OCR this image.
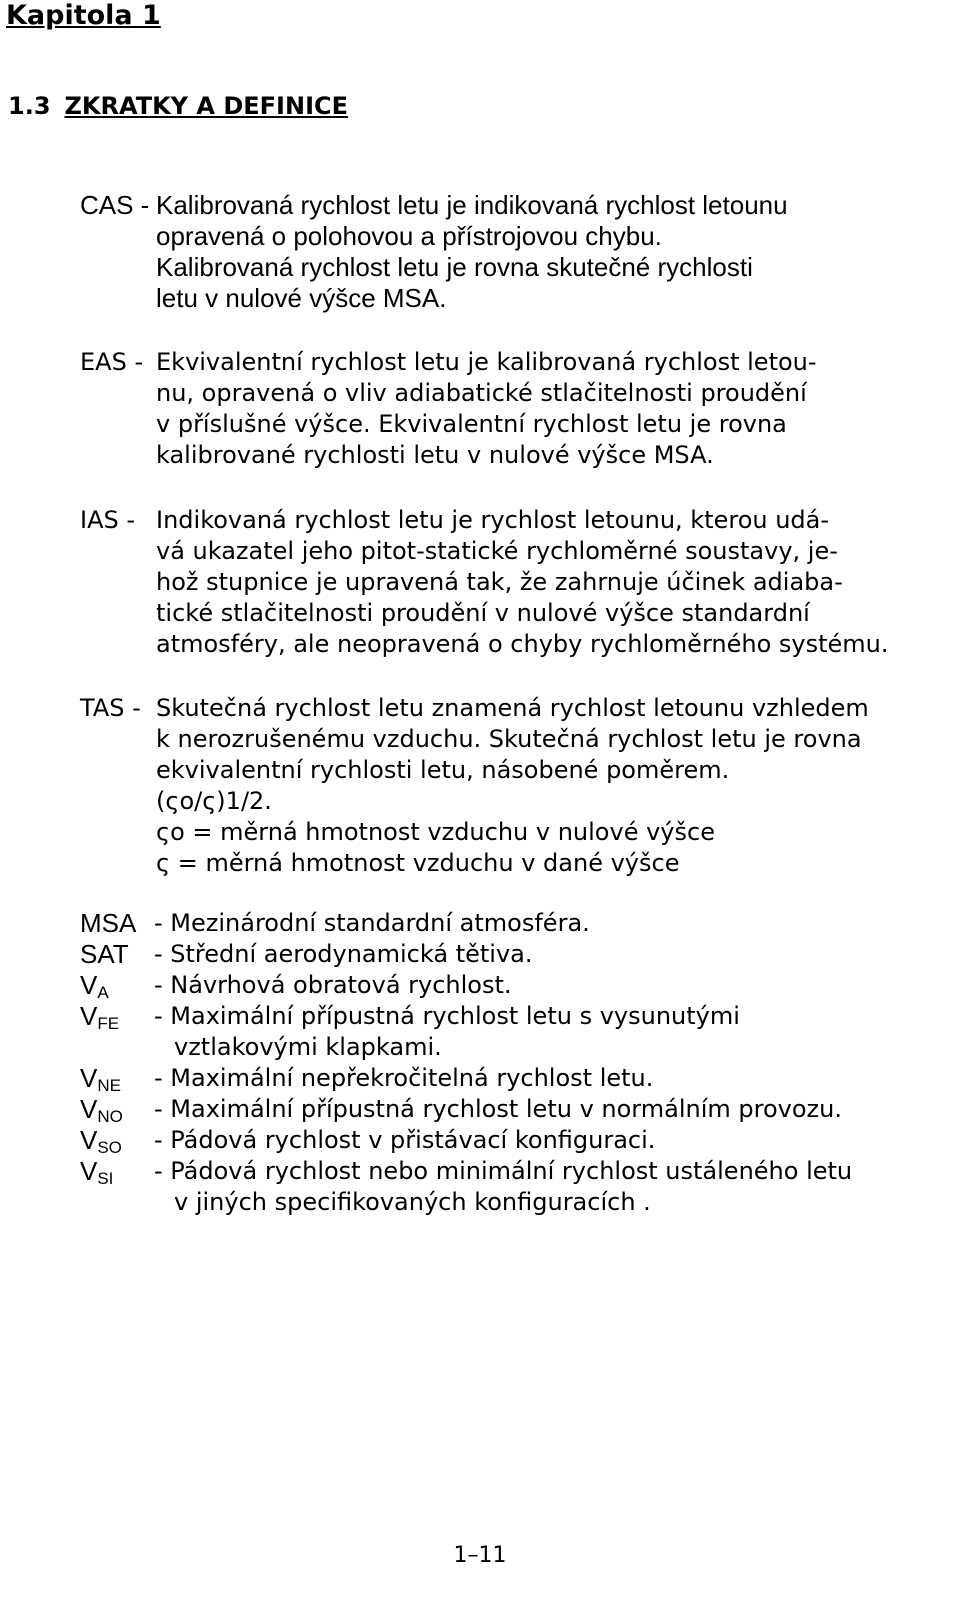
Kapitola 1
1.3 ZKRATKY A DEFINICE
CAS - Kalibrovaná rychlost letu je indikovaná rychlost letounu
opravená o polohovou a přístrojovou chybu.
Kalibrovaná rychlost letu je rovna skutečné rychlosti
letu v nulové výšce MSA.
EAS - Ekvivalentní rychlost letu je kalibrovaná rychlost letou-
nu, opravená o vliv adiabatické stlačitelnosti proudění
v příslušné výšce. Ekvivalentní rychlost letu je rovna
kalibrované rychlosti letu v nulové výšce MSA.
IAS - Indikovaná rychlost letu je rychlost letounu, kterou udá-
vá ukazatel jeho pitot-statické rychloměrné soustavy, je-
hož stupnice je upravená tak, že zahrnuje účinek adiaba-
tické stlačitelnosti proudění v nulové výšce standardní
atmosféry, ale neopravená o chyby rychloměrného systému.
TAS - Skutečná rychlost letu znamená rychlost letounu vzhledem
k nerozrušenému vzduchu. Skutečná rychlost letu je rovna
ekvivalentní rychlosti letu, násobené poměrem.
(ςo/ς)1/2.
ςo = měrná hmotnost vzduchu v nulové výšce
ς = měrná hmotnost vzduchu v dané výšce
MSA - Mezinárodní standardní atmosféra.
SAT - Střední aerodynamická tětiva.
$V_A$ - Návrhová obratová rychlost.
$V_{FE}$ - Maximální přípustná rychlost letu s vysunutými
vztlakovými klapkami.
$V_{NE}$ - Maximální nepřekročitelná rychlost letu.
$V_{NO}$ - Maximální přípustná rychlost letu v normálním provozu.
$V_{SO}$ - Pádová rychlost v přistávací konfiguraci.
$V_{SI}$ - Pádová rychlost nebo minimální rychlost ustáleného letu
v jiných specifikovaných konfiguracích .
1–11
